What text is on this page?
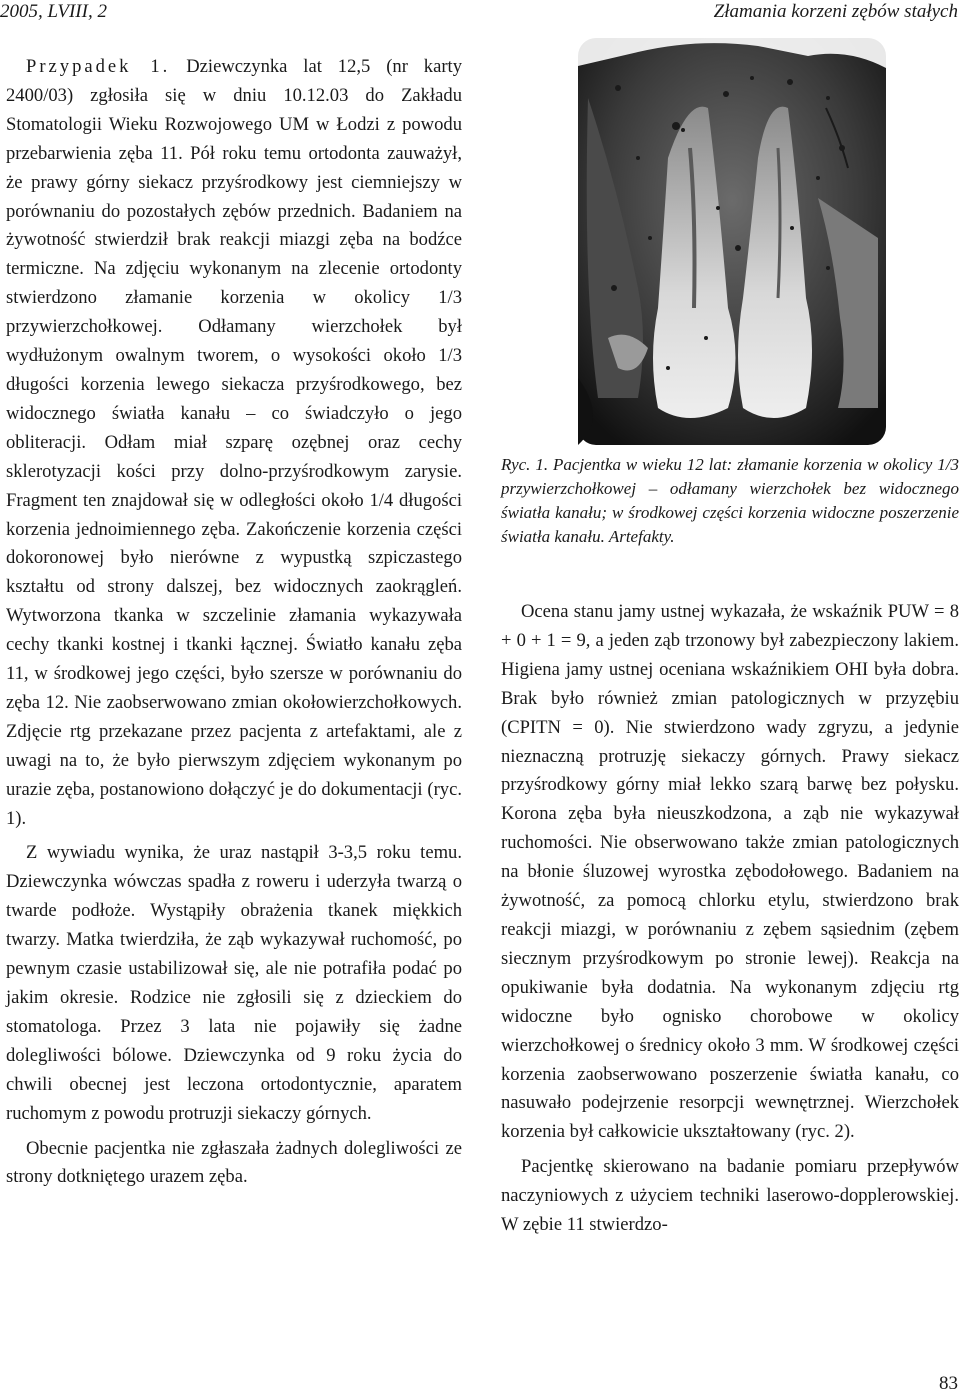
2005, LVIII, 2	Złamania korzeni zębów stałych

Przypadek 1. Dziewczynka lat 12,5 (nr karty 2400/03) zgłosiła się w dniu 10.12.03 do Zakładu Stomatologii Wieku Rozwojowego UM w Łodzi z powodu przebarwienia zęba 11. Pół roku temu ortodonta zauważył, że prawy górny siekacz przyśrodkowy jest ciemniejszy w porównaniu do pozostałych zębów przednich. Badaniem na żywotność stwierdził brak reakcji miazgi zęba na bodźce termiczne. Na zdjęciu wykonanym na zlecenie ortodonty stwierdzono złamanie korzenia w okolicy 1/3 przywierzchołkowej. Odłamany wierzchołek był wydłużonym owalnym tworem, o wysokości około 1/3 długości korzenia lewego siekacza przyśrodkowego, bez widocznego światła kanału – co świadczyło o jego obliteracji. Odłam miał szparę ozębnej oraz cechy sklerotyzacji kości przy dolno-przyśrodkowym zarysie. Fragment ten znajdował się w odległości około 1/4 długości korzenia jednoimiennego zęba. Zakończenie korzenia części dokoronowej było nierówne z wypustką szpiczastego kształtu od strony dalszej, bez widocznych zaokrągleń. Wytworzona tkanka w szczelinie złamania wykazywała cechy tkanki kostnej i tkanki łącznej. Światło kanału zęba 11, w środkowej jego części, było szersze w porównaniu do zęba 12. Nie zaobserwowano zmian okołowierzchołkowych. Zdjęcie rtg przekazane przez pacjenta z artefaktami, ale z uwagi na to, że było pierwszym zdjęciem wykonanym po urazie zęba, postanowiono dołączyć je do dokumentacji (ryc. 1).

Z wywiadu wynika, że uraz nastąpił 3-3,5 roku temu. Dziewczynka wówczas spadła z roweru i uderzyła twarzą o twarde podłoże. Wystąpiły obrażenia tkanek miękkich twarzy. Matka twierdziła, że ząb wykazywał ruchomość, po pewnym czasie ustabilizował się, ale nie potrafiła podać po jakim okresie. Rodzice nie zgłosili się z dzieckiem do stomatologa. Przez 3 lata nie pojawiły się żadne dolegliwości bólowe. Dziewczynka od 9 roku życia do chwili obecnej jest leczona ortodontycznie, aparatem ruchomym z powodu protruzji siekaczy górnych.

Obecnie pacjentka nie zgłaszała żadnych dolegliwości ze strony dotkniętego urazem zęba.

Ryc. 1. Pacjentka w wieku 12 lat: złamanie korzenia w okolicy 1/3 przywierzchołkowej – odłamany wierzchołek bez widocznego światła kanału; w środkowej części korzenia widoczne poszerzenie światła kanału. Artefakty.

Ocena stanu jamy ustnej wykazała, że wskaźnik PUW = 8 + 0 + 1 = 9, a jeden ząb trzonowy był zabezpieczony lakiem. Higiena jamy ustnej oceniana wskaźnikiem OHI była dobra. Brak było również zmian patologicznych w przyzębiu (CPITN = 0). Nie stwierdzono wady zgryzu, a jedynie nieznaczną protruzję siekaczy górnych. Prawy siekacz przyśrodkowy górny miał lekko szarą barwę bez połysku. Korona zęba była nieuszkodzona, a ząb nie wykazywał ruchomości. Nie obserwowano także zmian patologicznych na błonie śluzowej wyrostka zębodołowego. Badaniem na żywotność, za pomocą chlorku etylu, stwierdzono brak reakcji miazgi, w porównaniu z zębem sąsiednim (zębem siecznym przyśrodkowym po stronie lewej). Reakcja na opukiwanie była dodatnia. Na wykonanym zdjęciu rtg widoczne było ognisko chorobowe w okolicy wierzchołkowej o średnicy około 3 mm. W środkowej części korzenia zaobserwowano poszerzenie światła kanału, co nasuwało podejrzenie resorpcji wewnętrznej. Wierzchołek korzenia był całkowicie ukształtowany (ryc. 2).

Pacjentkę skierowano na badanie pomiaru przepływów naczyniowych z użyciem techniki laserowo-dopplerowskiej. W zębie 11 stwierdzo-

83
